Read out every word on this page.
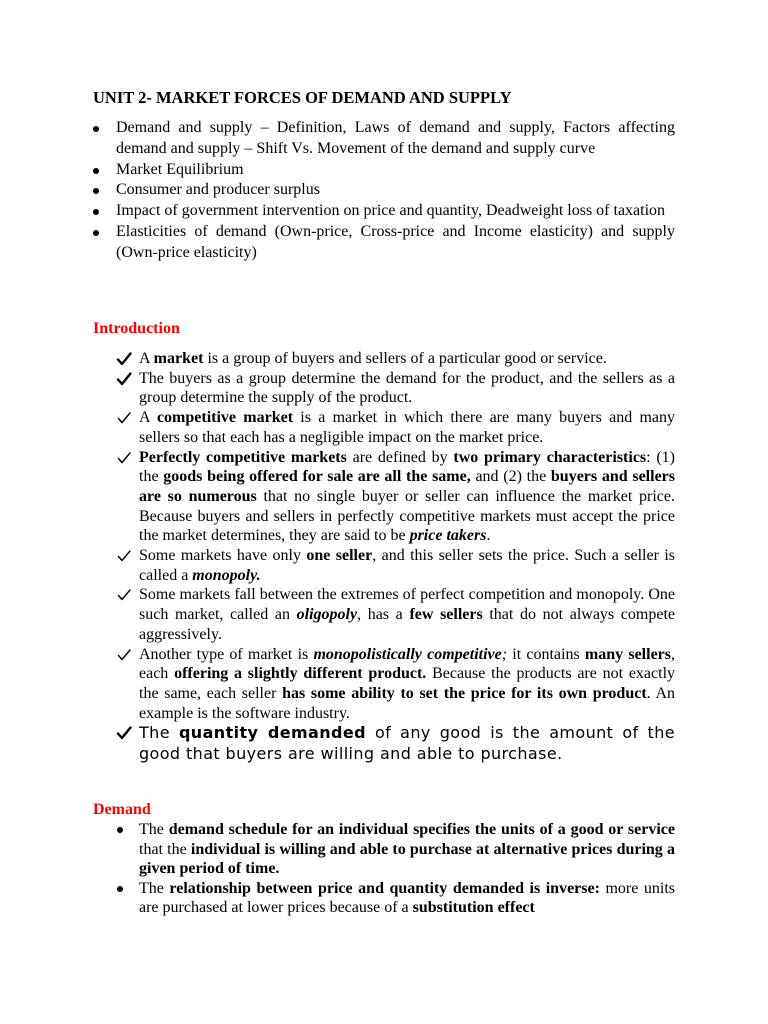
UNIT 2- MARKET FORCES OF DEMAND AND SUPPLY
Demand and supply – Definition, Laws of demand and supply, Factors affecting demand and supply – Shift Vs. Movement of the demand and supply curve
Market Equilibrium
Consumer and producer surplus
Impact of government intervention on price and quantity, Deadweight loss of taxation
Elasticities of demand (Own-price, Cross-price and Income elasticity) and supply (Own-price elasticity)
Introduction
A market is a group of buyers and sellers of a particular good or service.
The buyers as a group determine the demand for the product, and the sellers as a group determine the supply of the product.
A competitive market is a market in which there are many buyers and many sellers so that each has a negligible impact on the market price.
Perfectly competitive markets are defined by two primary characteristics: (1) the goods being offered for sale are all the same, and (2) the buyers and sellers are so numerous that no single buyer or seller can influence the market price. Because buyers and sellers in perfectly competitive markets must accept the price the market determines, they are said to be price takers.
Some markets have only one seller, and this seller sets the price. Such a seller is called a monopoly.
Some markets fall between the extremes of perfect competition and monopoly. One such market, called an oligopoly, has a few sellers that do not always compete aggressively.
Another type of market is monopolistically competitive; it contains many sellers, each offering a slightly different product. Because the products are not exactly the same, each seller has some ability to set the price for its own product. An example is the software industry.
The quantity demanded of any good is the amount of the good that buyers are willing and able to purchase.
Demand
The demand schedule for an individual specifies the units of a good or service that the individual is willing and able to purchase at alternative prices during a given period of time.
The relationship between price and quantity demanded is inverse: more units are purchased at lower prices because of a substitution effect
